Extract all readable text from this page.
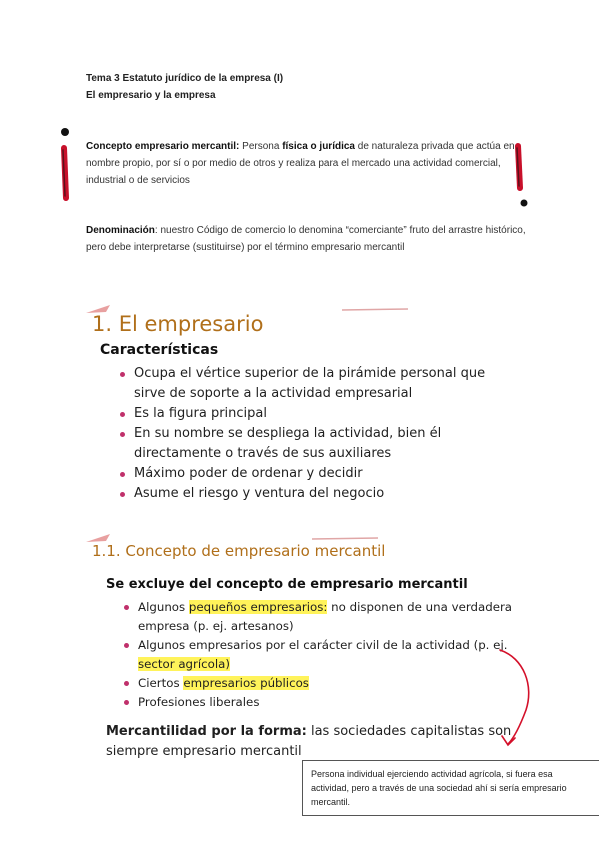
Tema 3 Estatuto jurídico de la empresa (I)
El empresario y la empresa
Concepto empresario mercantil: Persona física o jurídica de naturaleza privada que actúa en nombre propio, por sí o por medio de otros y realiza para el mercado una actividad comercial, industrial o de servicios
Denominación: nuestro Código de comercio lo denomina “comerciante” fruto del arrastre histórico, pero debe interpretarse (sustituirse) por el término empresario mercantil
1. El empresario
Características
Ocupa el vértice superior de la pirámide personal que sirve de soporte a la actividad empresarial
Es la figura principal
En su nombre se despliega la actividad, bien él directamente o través de sus auxiliares
Máximo poder de ordenar y decidir
Asume el riesgo y ventura del negocio
1.1. Concepto de empresario mercantil
Se excluye del concepto de empresario mercantil
Algunos pequeños empresarios: no disponen de una verdadera empresa (p. ej. artesanos)
Algunos empresarios por el carácter civil de la actividad (p. ej. sector agrícola)
Ciertos empresarios públicos
Profesiones liberales
Mercantilidad por la forma: las sociedades capitalistas son siempre empresario mercantil
Persona individual ejerciendo actividad agrícola, si fuera esa actividad, pero a través de una sociedad ahí si sería empresario mercantil.
